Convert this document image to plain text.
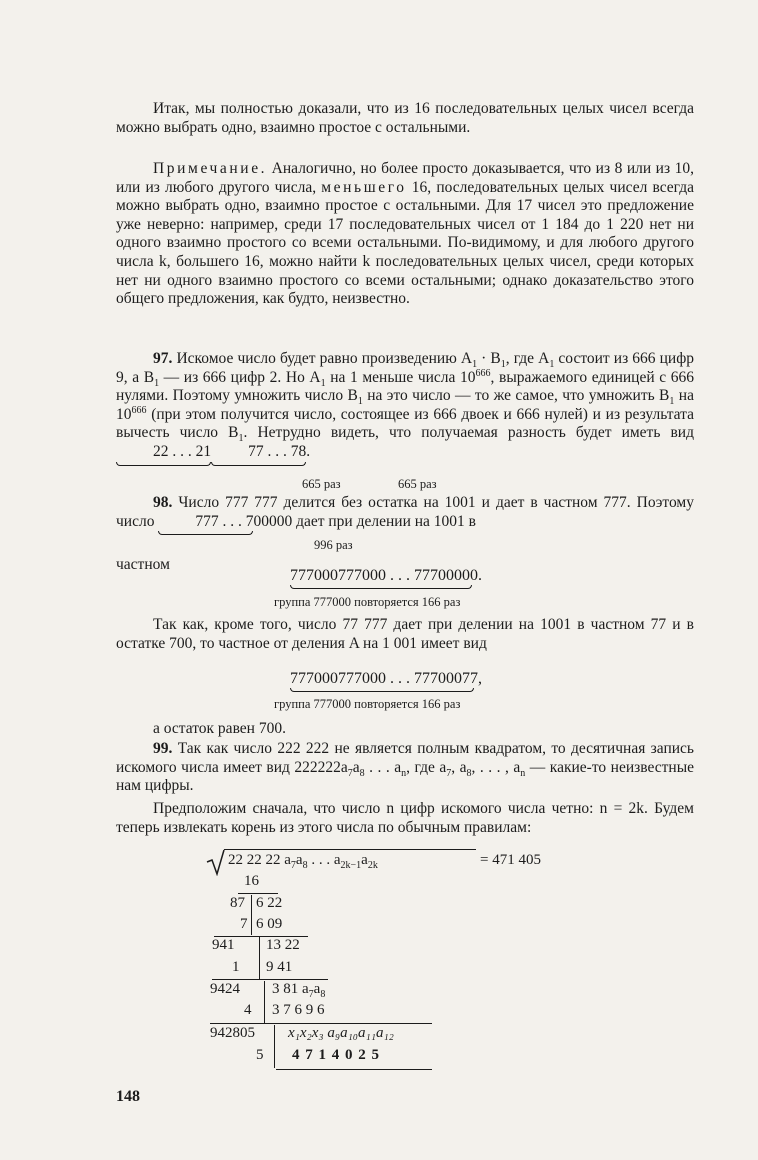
Итак, мы полностью доказали, что из 16 последовательных целых чисел всегда можно выбрать одно, взаимно простое с остальными.

Примечание. Аналогично, но более просто доказывается, что из 8 или из 10, или из любого другого числа, меньшего 16, последовательных целых чисел всегда можно выбрать одно, взаимно простое с остальными. Для 17 чисел это предложение уже неверно: например, среди 17 последовательных чисел от 1 184 до 1 220 нет ни одного взаимно простого со всеми остальными. По-видимому, и для любого другого числа k, большего 16, можно найти k последовательных целых чисел, среди которых нет ни одного взаимно простого со всеми остальными; однако доказательство этого общего предложения, как будто, неизвестно.

97. Искомое число будет равно произведению $A_1 \cdot B_1$, где $A_1$ состоит из 666 цифр 9, а $B_1$ — из 666 цифр 2. Но $A_1$ на 1 меньше числа $10^{666}$, выражаемого единицей с 666 нулями. Поэтому умножить число $B_1$ на это число — то же самое, что умножить $B_1$ на $10^{666}$ (при этом получится число, состоящее из 666 двоек и 666 нулей) и из результата вычесть число $B_1$. Нетрудно видеть, что получаемая разность будет иметь вид 22 . . . 21 77 . . . 78
.

665 раз	665 раз

98. Число 777 777 делится без остатка на 1001 и дает в частном 777. Поэтому число 777 . . . 7
00000 дает при делении на 1001 в

996 раз
частном
777000777000 . . . 77700000.
группа 777000 повторяется 166 раз

Так как, кроме того, число 77 777 дает при делении на 1001 в частном 77 и в остатке 700, то частное от деления A на 1 001 имеет вид

777000777000 . . . 77700077,
группа 777000 повторяется 166 раз

а остаток равен 700.

99. Так как число 222 222 не является полным квадратом, то десятичная запись искомого числа имеет вид $222222a_7a_8$ . . . $a_n$, где $a_7$, $a_8$, . . . , $a_n$ — какие-то неизвестные нам цифры.

Предположим сначала, что число n цифр искомого числа четно: n = 2k. Будем теперь извлекать корень из этого числа по обычным правилам:

22 22 22 $a_7a_8$ . . . $a_{2k-1}a_{2k}$	= 471 405
16
87 6 22
7 6 09
941 13 22
1 9 41
9424 3 81 $a_7a_8$
4 3 7 6 9 6
942805 x₁x₂x₃ a₉a₁₀a₁₁a₁₂
5 4 7 1 4 0 2 5
148
